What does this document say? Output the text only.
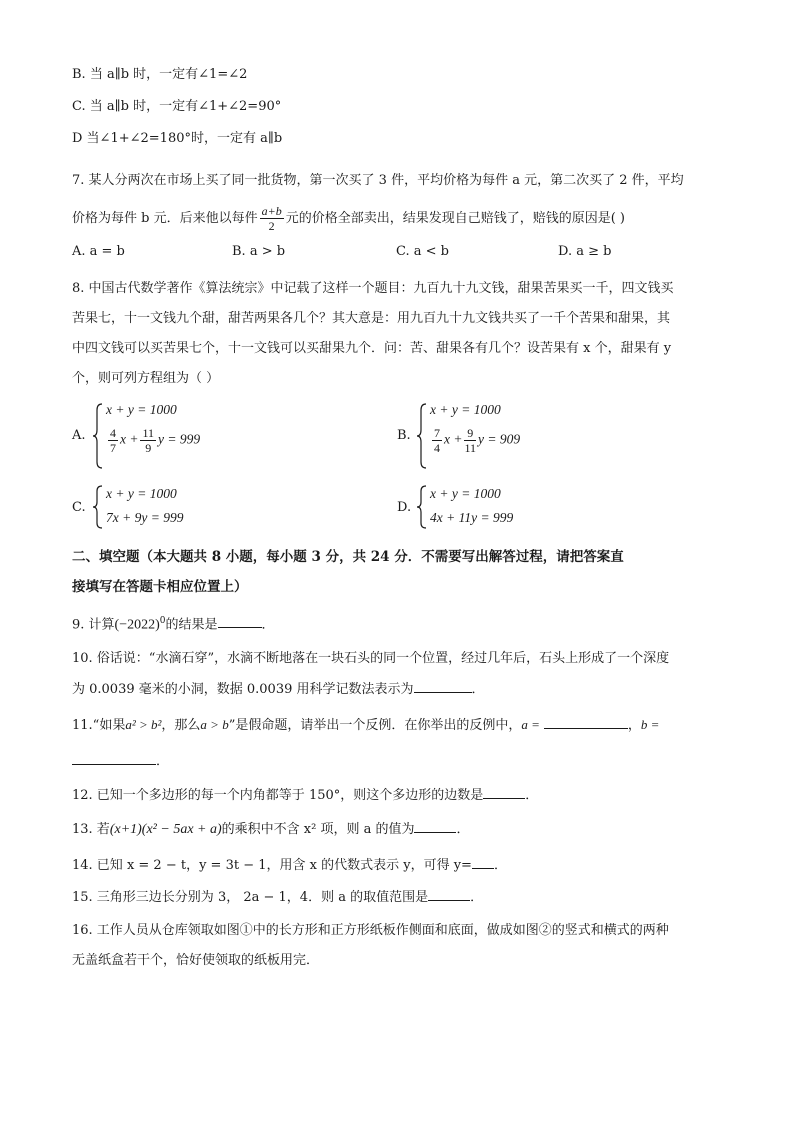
B. 当 a∥b 时，一定有∠1=∠2
C. 当 a∥b 时，一定有∠1+∠2=90°
D 当∠1+∠2=180°时，一定有 a∥b
7. 某人分两次在市场上买了同一批货物，第一次买了 3 件，平均价格为每件 a 元，第二次买了 2 件，平均
价格为每件 b 元．后来他以每件 $\frac{a+b}{2}$ 元的价格全部卖出，结果发现自己赔钱了，赔钱的原因是( )
A. a = b	B. a > b	C. a < b	D. a ≥ b
8. 中国古代数学著作《算法统宗》中记载了这样一个题目：九百九十九文钱，甜果苦果买一千，四文钱买
苦果七，十一文钱九个甜，甜苦两果各几个？其大意是：用九百九十九文钱共买了一千个苦果和甜果，其
中四文钱可以买苦果七个，十一文钱可以买甜果九个．问：苦、甜果各有几个？设苦果有 x 个，甜果有 y
个，则可列方程组为（ ）
A.
x + y = 1000
$\frac{4}{7}$ $x + \frac{11}{9}$ y = 999	B.
x + y = 1000
$\frac{7}{4}$ $x + \frac{9}{11}$ y = 909
C.
x + y = 1000
7x + 9y = 999
D.
x + y = 1000
4x + 11y = 999
二、填空题（本大题共 8 小题，每小题 3 分，共 24 分．不需要写出解答过程，请把答案直
接填写在答题卡相应位置上）
9. 计算$(-2022)^0$的结果是	．
10. 俗话说：“水滴石穿”，水滴不断地落在一块石头的同一个位置，经过几年后，石头上形成了一个深度
为 0.0039 毫米的小洞，数据 0.0039 用科学记数法表示为	．
11.“如果a² > b²，那么a > b”是假命题，请举出一个反例．在你举出的反例中，a =	，b =
．
12. 已知一个多边形的每一个内角都等于 150°，则这个多边形的边数是	．
13. 若(x+1)(x² − 5ax + a)的乘积中不含 x² 项，则 a 的值为	．
14. 已知 x = 2 − t，y = 3t − 1，用含 x 的代数式表示 y，可得 y= ．
15. 三角形三边长分别为 3， 2a − 1，4．则 a 的取值范围是	．
16. 工作人员从仓库领取如图①中的长方形和正方形纸板作侧面和底面，做成如图②的竖式和横式的两种
无盖纸盒若干个，恰好使领取的纸板用完．
